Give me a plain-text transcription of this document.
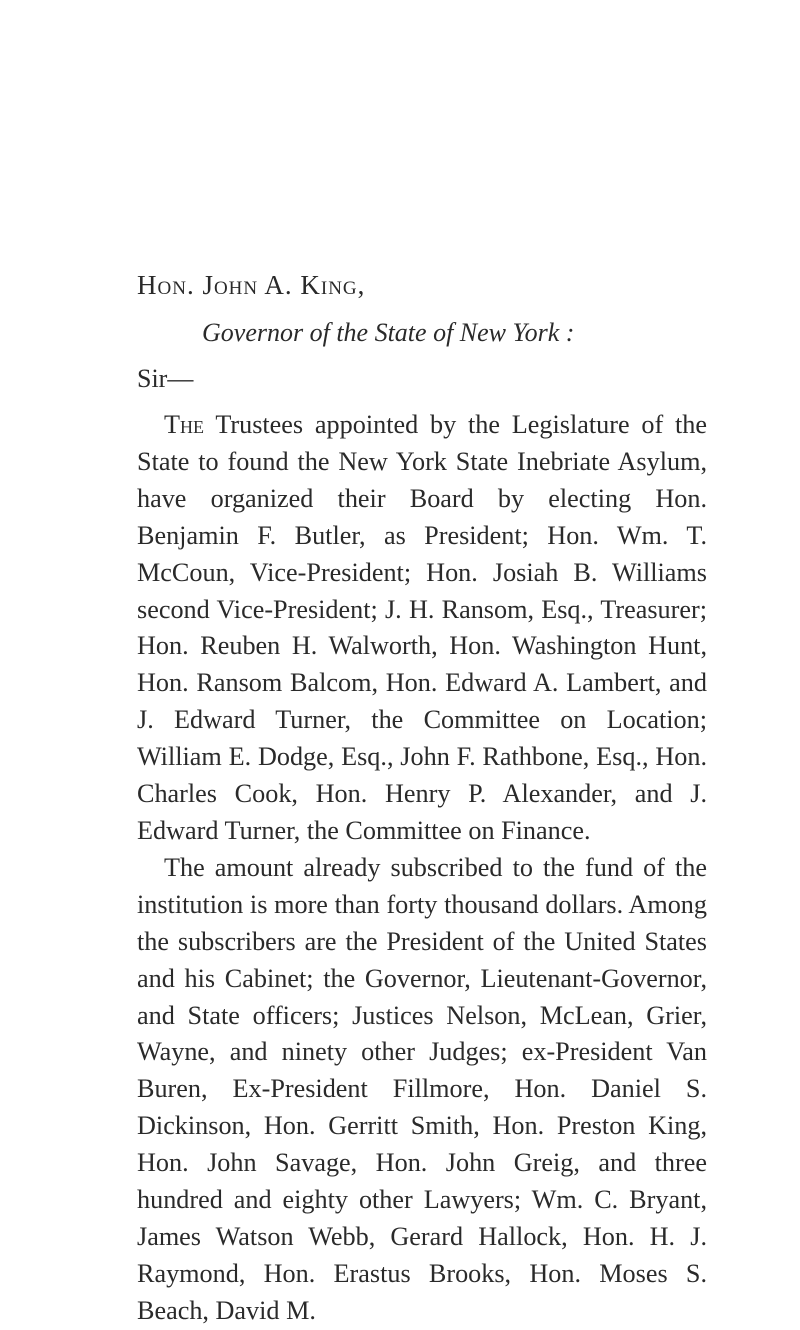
Hon. John A. King,
Governor of the State of New York :
Sir—

The Trustees appointed by the Legislature of the State to found the New York State Inebriate Asylum, have organized their Board by electing Hon. Benjamin F. Butler, as President; Hon. Wm. T. McCoun, Vice-President; Hon. Josiah B. Williams second Vice-President; J. H. Ransom, Esq., Treasurer; Hon. Reuben H. Walworth, Hon. Washington Hunt, Hon. Ransom Balcom, Hon. Edward A. Lambert, and J. Edward Turner, the Committee on Location; William E. Dodge, Esq., John F. Rathbone, Esq., Hon. Charles Cook, Hon. Henry P. Alexander, and J. Edward Turner, the Committee on Finance.

The amount already subscribed to the fund of the institution is more than forty thousand dollars. Among the subscribers are the President of the United States and his Cabinet; the Governor, Lieutenant-Governor, and State officers; Justices Nelson, McLean, Grier, Wayne, and ninety other Judges; ex-President Van Buren, Ex-President Fillmore, Hon. Daniel S. Dickinson, Hon. Gerritt Smith, Hon. Preston King, Hon. John Savage, Hon. John Greig, and three hundred and eighty other Lawyers; Wm. C. Bryant, James Watson Webb, Gerard Hallock, Hon. H. J. Raymond, Hon. Erastus Brooks, Hon. Moses S. Beach, David M.
